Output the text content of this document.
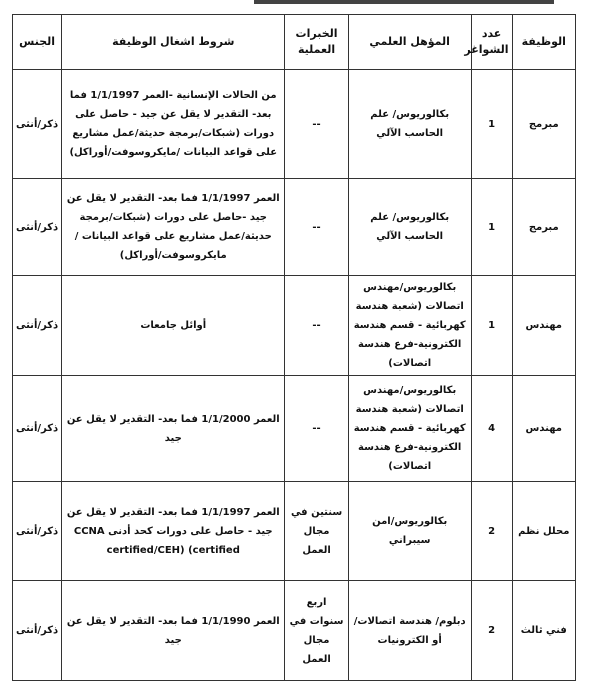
الوظيفة	عدد الشواغر	المؤهل العلمي	الخبرات العملية	شروط اشغال الوظيفة	الجنس
مبرمج	1	بكالوريوس/ علم الحاسب الآلي	--	من الحالات الإنسانية -العمر 1/1/1997 فما بعد- التقدير لا يقل عن جيد - حاصل على دورات (شبكات/برمجة حديثة/عمل مشاريع على قواعد البيانات /مايكروسوفت/أوراكل)	ذكر/أنثى
مبرمج	1	بكالوريوس/ علم الحاسب الآلي	--	العمر 1/1/1997 فما بعد- التقدير لا يقل عن جيد -حاصل على دورات (شبكات/برمجة حديثة/عمل مشاريع على قواعد البيانات /مايكروسوفت/أوراكل)	ذكر/أنثى
مهندس	1	بكالوريوس/مهندس اتصالات (شعبة هندسة كهربائية - قسم هندسة الكترونية-فرع هندسة اتصالات)	--	أوائل جامعات	ذكر/أنثى
مهندس	4	بكالوريوس/مهندس اتصالات (شعبة هندسة كهربائية - قسم هندسة الكترونية-فرع هندسة اتصالات)	--	العمر 1/1/2000 فما بعد- التقدير لا يقل عن جيد	ذكر/أنثى
محلل نظم	2	بكالوريوس/امن سيبراني	سنتين في مجال العمل	العمر 1/1/1997 فما بعد- التقدير لا يقل عن جيد - حاصل على دورات كحد أدنى CCNA certified/CEH) (certified	ذكر/أنثى
فني ثالث	2	دبلوم/ هندسة اتصالات/ أو الكترونيات	اربع سنوات في مجال العمل	العمر 1/1/1990 فما بعد- التقدير لا يقل عن جيد	ذكر/أنثى
